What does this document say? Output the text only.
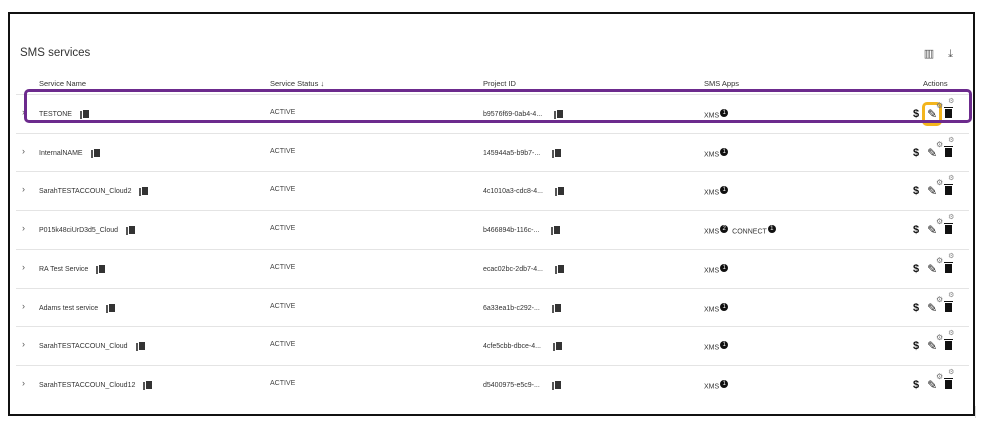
SMS services	▥ ⤓
Service Name	Service Status ↓	Project ID	SMS Apps	Actions
› TESTONE	ACTIVE	b9576f69-0ab4-4...	XMS 1	$ ✎
⚙ ⚙
› InternalNAME	ACTIVE	145944a5-b9b7-...	XMS 1	$ ✎
⚙ ⚙
› SarahTESTACCOUN_Cloud2	ACTIVE	4c1010a3-cdc8-4...	XMS 1	$ ✎
⚙ ⚙
› P015k48ciUrD3d5_Cloud	ACTIVE	b466894b-116c-...	XMS 2 CONNECT 1	$ ✎
⚙ ⚙
› RA Test Service	ACTIVE	ecac02bc-2db7-4...	XMS 1	$ ✎
⚙ ⚙
› Adams test service	ACTIVE	6a33ea1b-c292-...	XMS 1	$ ✎
⚙ ⚙
› SarahTESTACCOUN_Cloud	ACTIVE	4cfe5cbb-dbce-4...	XMS 1	$ ✎
⚙ ⚙
› SarahTESTACCOUN_Cloud12	ACTIVE	d5400975-e5c9-...	XMS 1	$ ✎
⚙ ⚙
